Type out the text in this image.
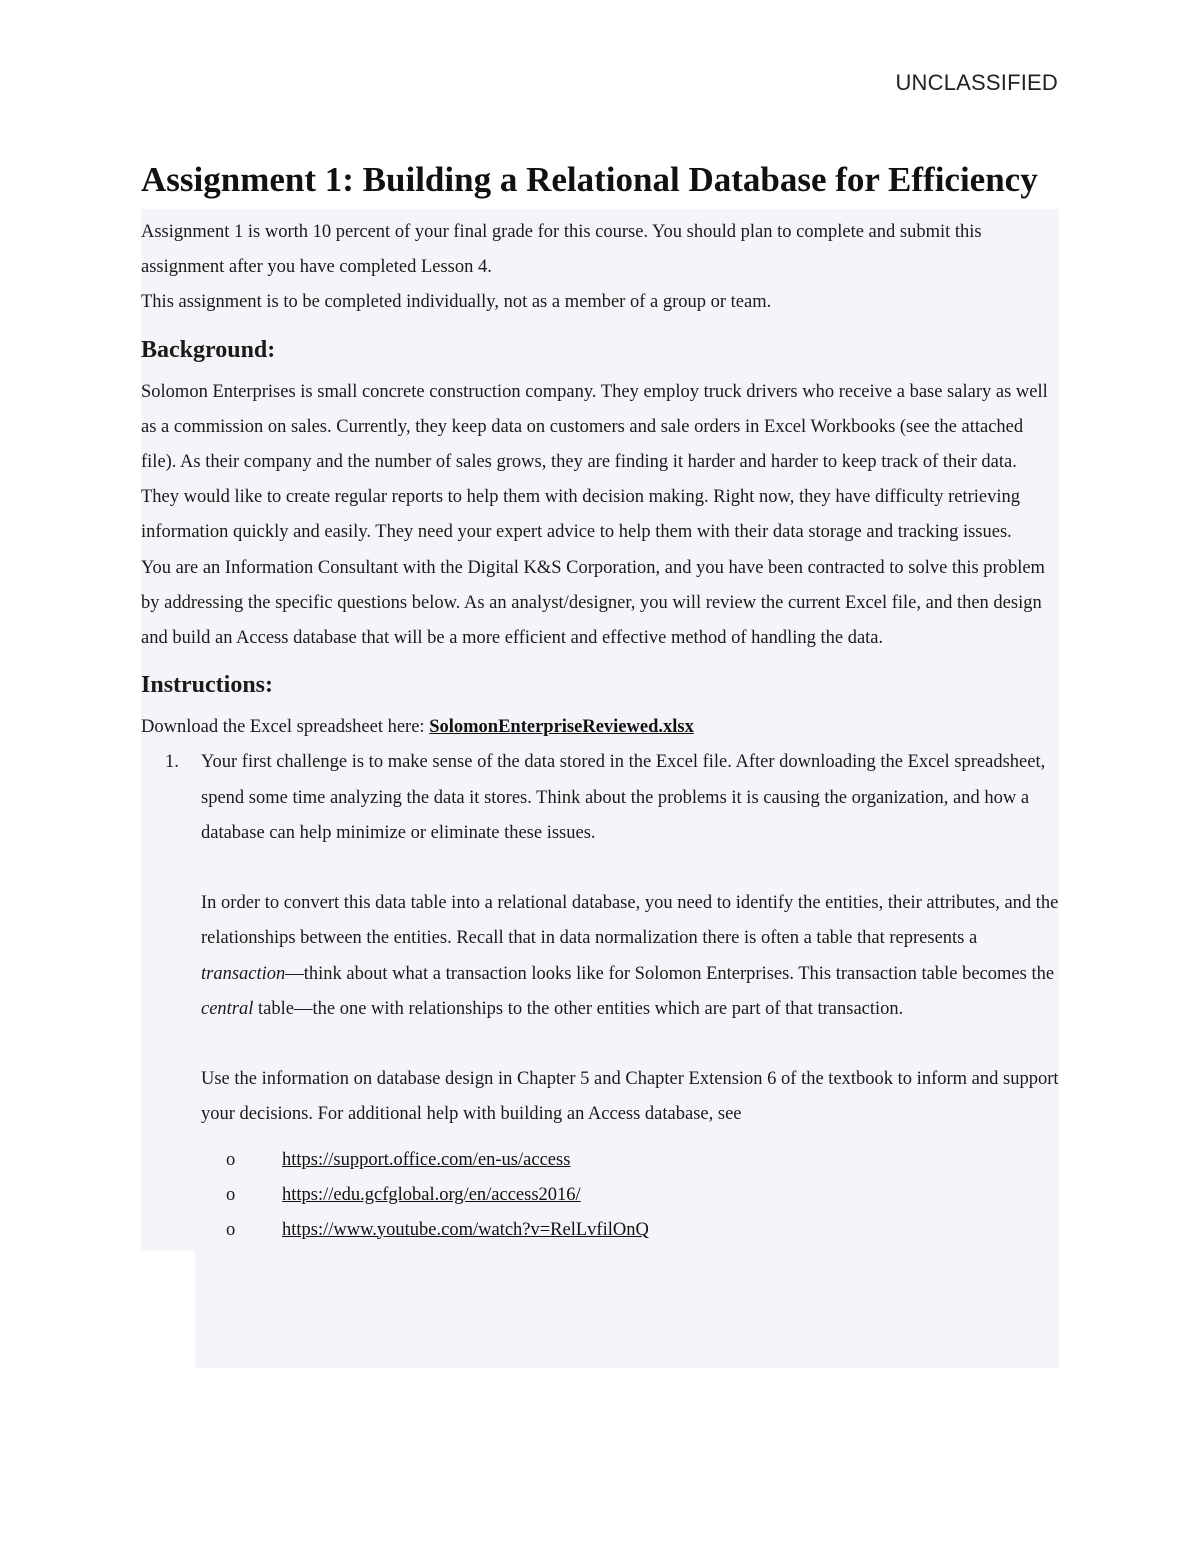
UNCLASSIFIED
Assignment 1: Building a Relational Database for Efficiency

Assignment 1 is worth 10 percent of your final grade for this course. You should plan to complete and submit this assignment after you have completed Lesson 4.

This assignment is to be completed individually, not as a member of a group or team.

Background:

Solomon Enterprises is small concrete construction company. They employ truck drivers who receive a base salary as well as a commission on sales. Currently, they keep data on customers and sale orders in Excel Workbooks (see the attached file). As their company and the number of sales grows, they are finding it harder and harder to keep track of their data. They would like to create regular reports to help them with decision making. Right now, they have difficulty retrieving information quickly and easily. They need your expert advice to help them with their data storage and tracking issues.

You are an Information Consultant with the Digital K&S Corporation, and you have been contracted to solve this problem by addressing the specific questions below. As an analyst/designer, you will review the current Excel file, and then design and build an Access database that will be a more efficient and effective method of handling the data.

Instructions:

Download the Excel spreadsheet here: SolomonEnterpriseReviewed.xlsx

1. Your first challenge is to make sense of the data stored in the Excel file. After downloading the Excel spreadsheet, spend some time analyzing the data it stores. Think about the problems it is causing the organization, and how a database can help minimize or eliminate these issues.

In order to convert this data table into a relational database, you need to identify the entities, their attributes, and the relationships between the entities. Recall that in data normalization there is often a table that represents a transaction—think about what a transaction looks like for Solomon Enterprises. This transaction table becomes the central table—the one with relationships to the other entities which are part of that transaction.

Use the information on database design in Chapter 5 and Chapter Extension 6 of the textbook to inform and support your decisions. For additional help with building an Access database, see

o	https://support.office.com/en-us/access
o	https://edu.gcfglobal.org/en/access2016/
o	https://www.youtube.com/watch?v=RelLvfilOnQ
